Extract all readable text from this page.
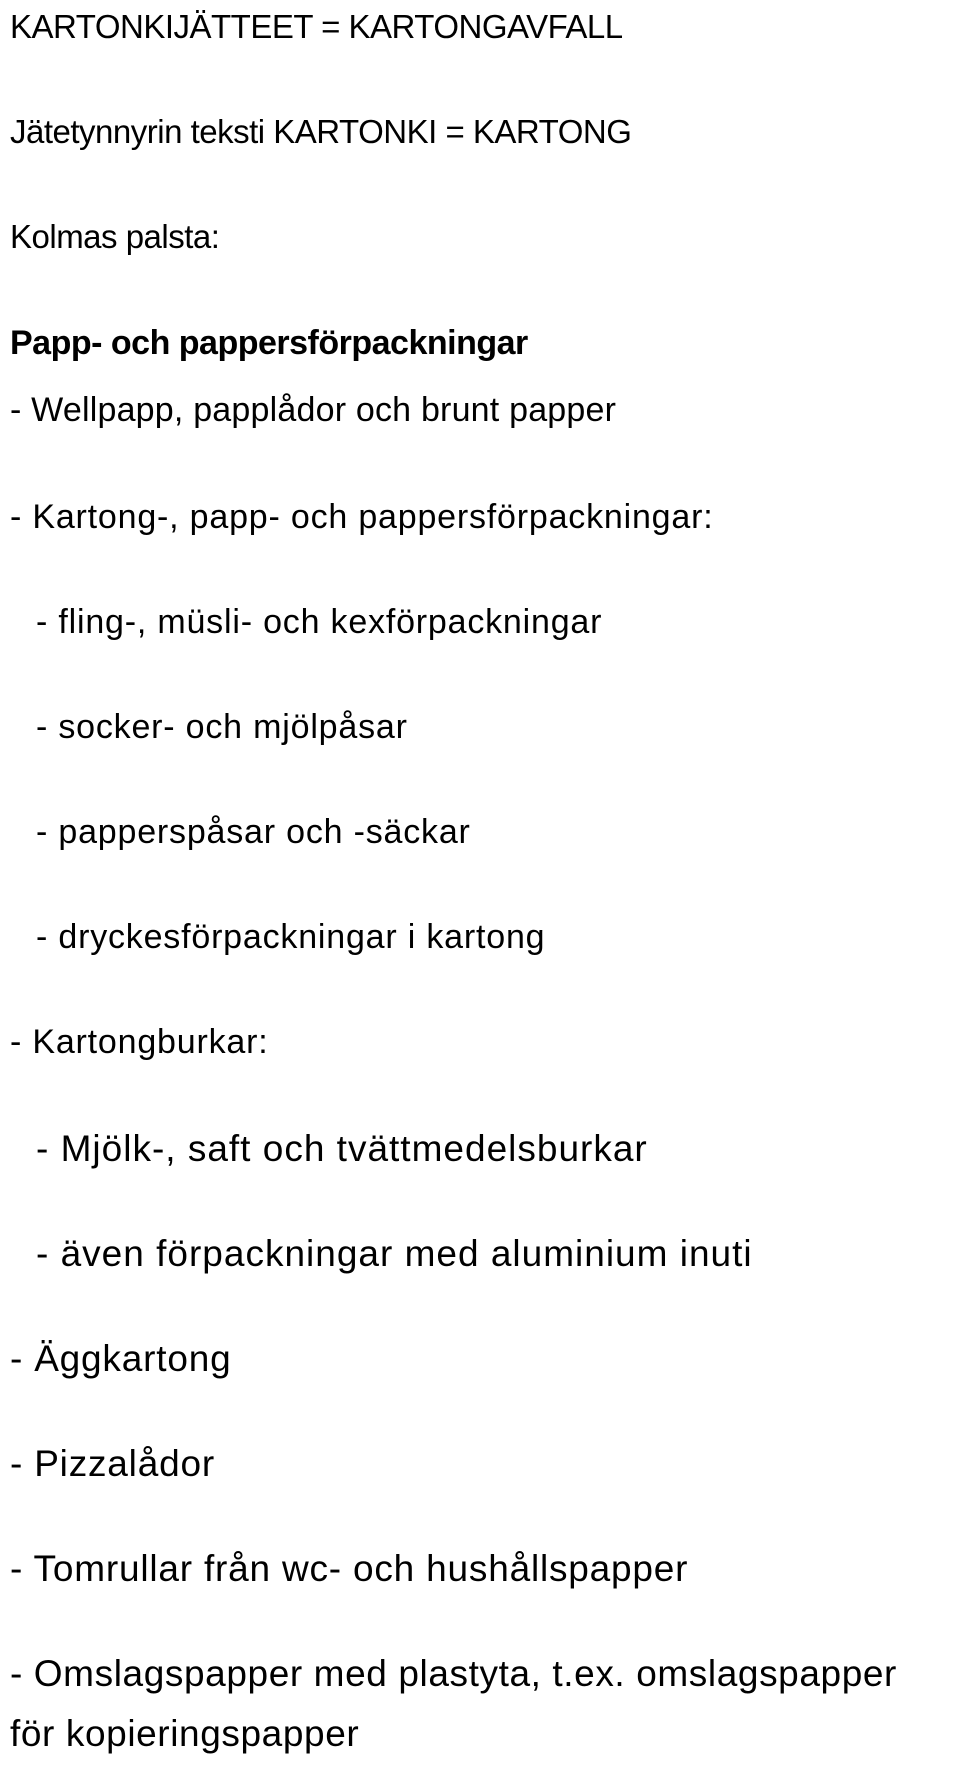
KARTONKIJÄTTEET = KARTONGAVFALL
Jätetynnyrin teksti KARTONKI = KARTONG
Kolmas palsta:
Papp- och pappersförpackningar
- Wellpapp, papplådor och brunt papper
- Kartong-, papp- och pappersförpackningar:
- fling-, müsli- och kexförpackningar
- socker- och mjölpåsar
- papperspåsar och -säckar
- dryckesförpackningar i kartong
- Kartongburkar:
- Mjölk-, saft och tvättmedelsburkar
- även förpackningar med aluminium inuti
- Äggkartong
- Pizzalådor
- Tomrullar från wc- och hushållspapper
- Omslagspapper med plastyta, t.ex. omslagspapper
för kopieringspapper
